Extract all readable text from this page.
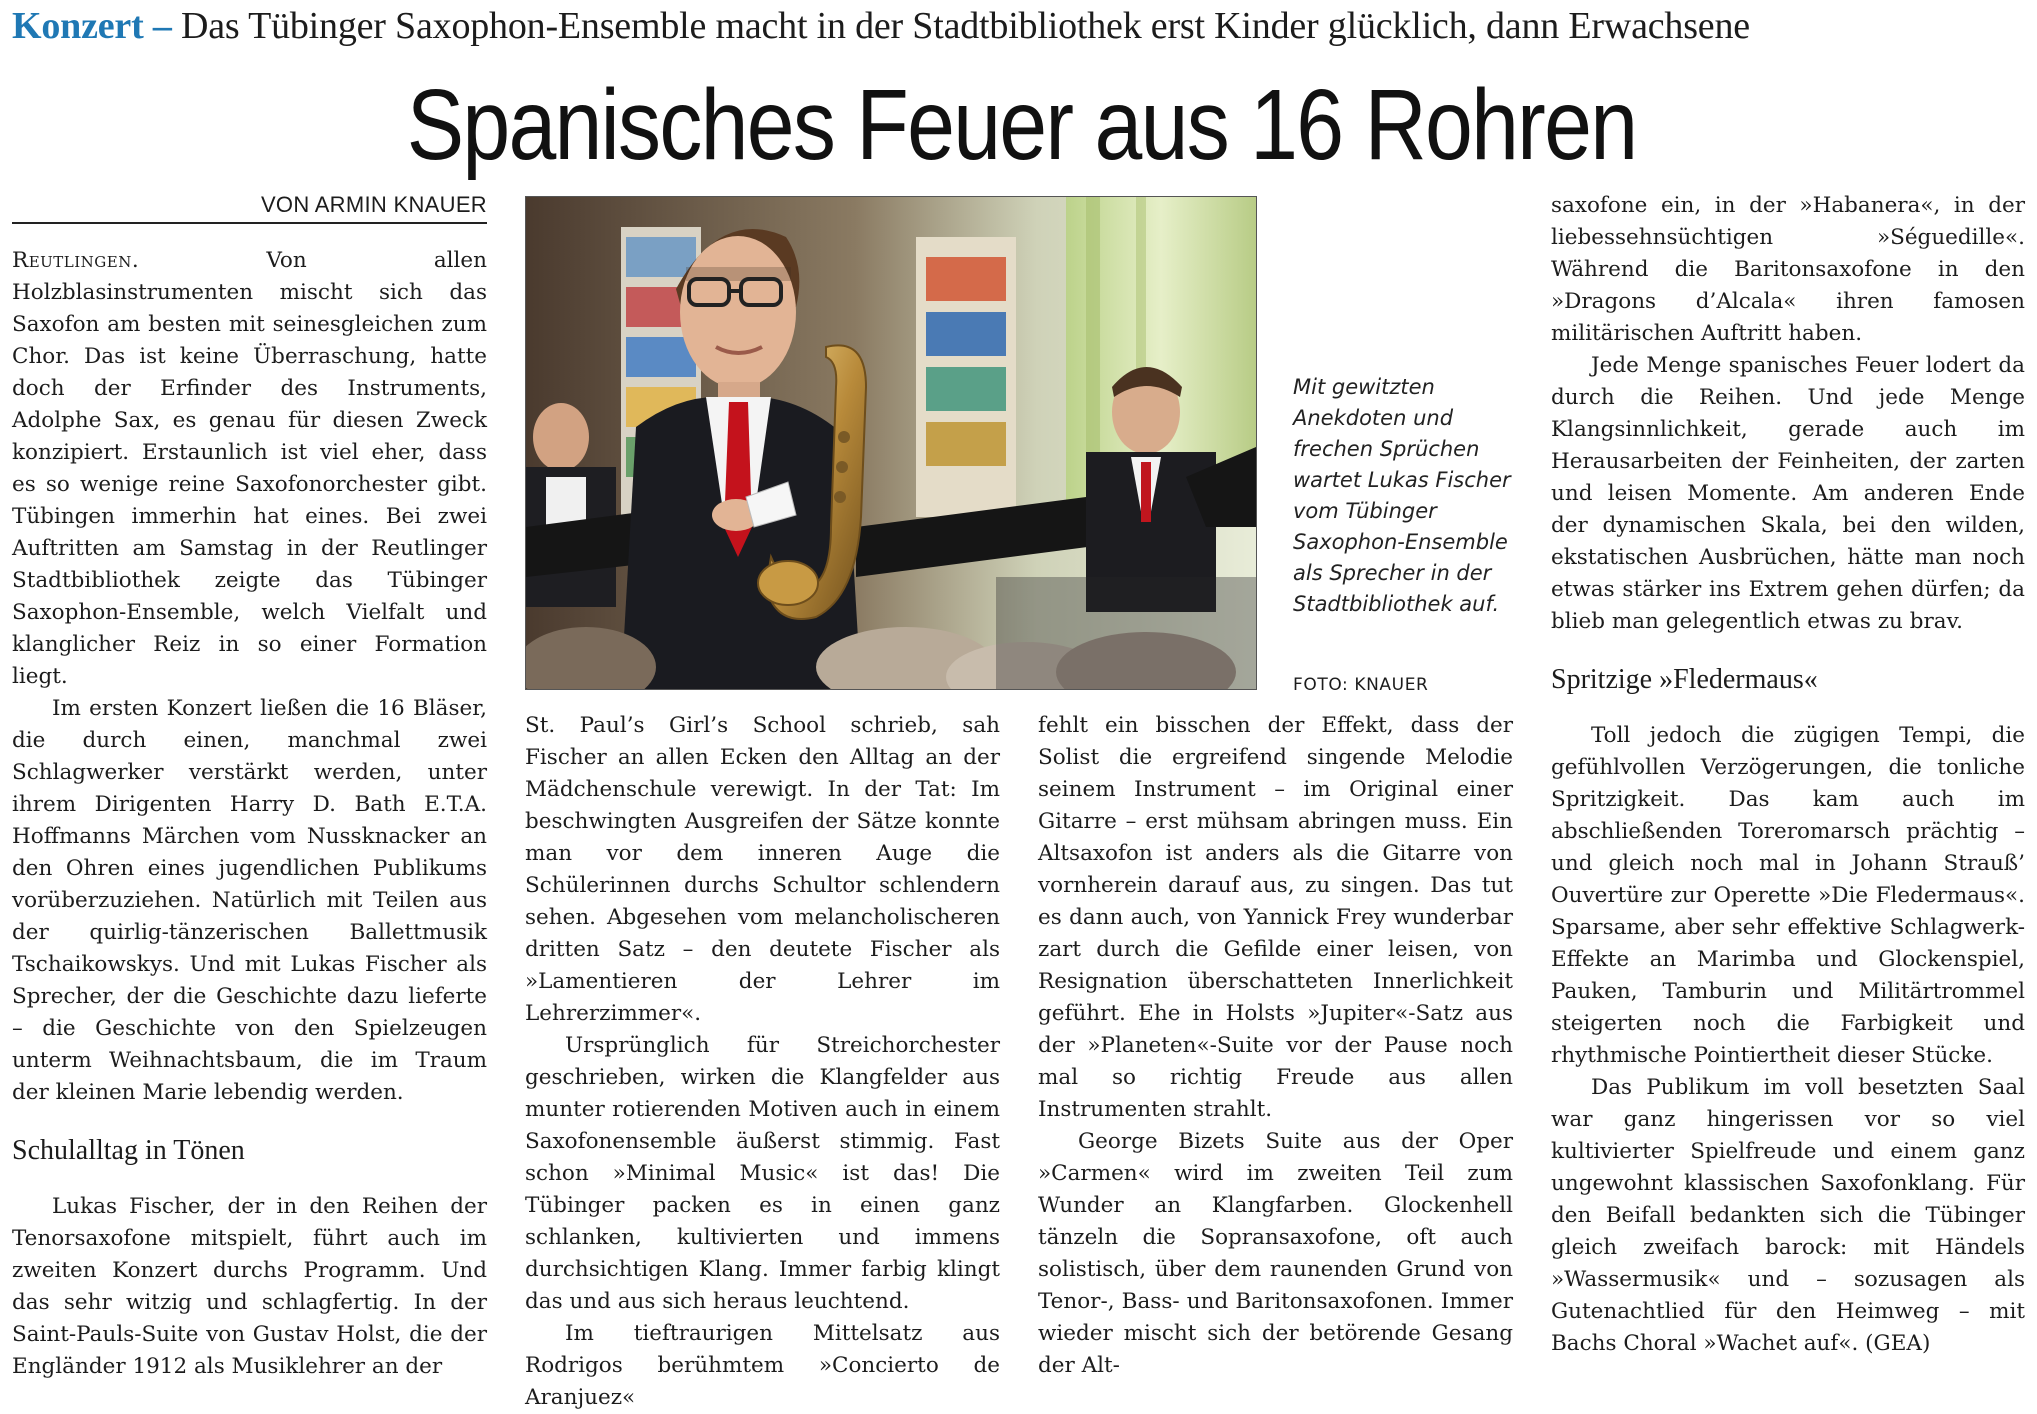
Konzert – Das Tübinger Saxophon-Ensemble macht in der Stadtbibliothek erst Kinder glücklich, dann Erwachsene
Spanisches Feuer aus 16 Rohren
VON ARMIN KNAUER

Reutlingen. Von allen Holzblasinstrumenten mischt sich das Saxofon am besten mit seinesgleichen zum Chor. Das ist keine Überraschung, hatte doch der Erfinder des Instruments, Adolphe Sax, es genau für diesen Zweck konzipiert. Erstaunlich ist viel eher, dass es so wenige reine Saxofonorchester gibt. Tübingen immerhin hat eines. Bei zwei Auftritten am Samstag in der Reutlinger Stadtbibliothek zeigte das Tübinger Saxophon-Ensemble, welch Vielfalt und klanglicher Reiz in so einer Formation liegt.

Im ersten Konzert ließen die 16 Bläser, die durch einen, manchmal zwei Schlagwerker verstärkt werden, unter ihrem Dirigenten Harry D. Bath E.T.A. Hoffmanns Märchen vom Nussknacker an den Ohren eines jugendlichen Publikums vorüberzuziehen. Natürlich mit Teilen aus der quirlig-tänzerischen Ballettmusik Tschaikowskys. Und mit Lukas Fischer als Sprecher, der die Geschichte dazu lieferte – die Geschichte von den Spielzeugen unterm Weihnachtsbaum, die im Traum der kleinen Marie lebendig werden.

Schulalltag in Tönen

Lukas Fischer, der in den Reihen der Tenorsaxofone mitspielt, führt auch im zweiten Konzert durchs Programm. Und das sehr witzig und schlagfertig. In der Saint-Pauls-Suite von Gustav Holst, die der Engländer 1912 als Musiklehrer an der

Mit gewitzten Anekdoten und frechen Sprüchen wartet Lukas Fischer vom Tübinger Saxophon-Ensemble als Sprecher in der Stadtbibliothek auf.
FOTO: KNAUER

St. Paul’s Girl’s School schrieb, sah Fischer an allen Ecken den Alltag an der Mädchenschule verewigt. In der Tat: Im beschwingten Ausgreifen der Sätze konnte man vor dem inneren Auge die Schülerinnen durchs Schultor schlendern sehen. Abgesehen vom melancholischeren dritten Satz – den deutete Fischer als »Lamentieren der Lehrer im Lehrerzimmer«.

Ursprünglich für Streichorchester geschrieben, wirken die Klangfelder aus munter rotierenden Motiven auch in einem Saxofonensemble äußerst stimmig. Fast schon »Minimal Music« ist das! Die Tübinger packen es in einen ganz schlanken, kultivierten und immens durchsichtigen Klang. Immer farbig klingt das und aus sich heraus leuchtend.

Im tieftraurigen Mittelsatz aus Rodrigos berühmtem »Concierto de Aranjuez«

fehlt ein bisschen der Effekt, dass der Solist die ergreifend singende Melodie seinem Instrument – im Original einer Gitarre – erst mühsam abringen muss. Ein Altsaxofon ist anders als die Gitarre von vornherein darauf aus, zu singen. Das tut es dann auch, von Yannick Frey wunderbar zart durch die Gefilde einer leisen, von Resignation überschatteten Innerlichkeit geführt. Ehe in Holsts »Jupiter«-Satz aus der »Planeten«-Suite vor der Pause noch mal so richtig Freude aus allen Instrumenten strahlt.

George Bizets Suite aus der Oper »Carmen« wird im zweiten Teil zum Wunder an Klangfarben. Glockenhell tänzeln die Sopransaxofone, oft auch solistisch, über dem raunenden Grund von Tenor-, Bass- und Baritonsaxofonen. Immer wieder mischt sich der betörende Gesang der Alt-

saxofone ein, in der »Habanera«, in der liebessehnsüchtigen »Séguedille«. Während die Baritonsaxofone in den »Dragons d’Alcala« ihren famosen militärischen Auftritt haben.

Jede Menge spanisches Feuer lodert da durch die Reihen. Und jede Menge Klangsinnlichkeit, gerade auch im Herausarbeiten der Feinheiten, der zarten und leisen Momente. Am anderen Ende der dynamischen Skala, bei den wilden, ekstatischen Ausbrüchen, hätte man noch etwas stärker ins Extrem gehen dürfen; da blieb man gelegentlich etwas zu brav.

Spritzige »Fledermaus«

Toll jedoch die zügigen Tempi, die gefühlvollen Verzögerungen, die tonliche Spritzigkeit. Das kam auch im abschließenden Toreromarsch prächtig – und gleich noch mal in Johann Strauß’ Ouvertüre zur Operette »Die Fledermaus«. Sparsame, aber sehr effektive Schlagwerk-Effekte an Marimba und Glockenspiel, Pauken, Tamburin und Militärtrommel steigerten noch die Farbigkeit und rhythmische Pointiertheit dieser Stücke.

Das Publikum im voll besetzten Saal war ganz hingerissen vor so viel kultivierter Spielfreude und einem ganz ungewohnt klassischen Saxofonklang. Für den Beifall bedankten sich die Tübinger gleich zweifach barock: mit Händels »Wassermusik« und – sozusagen als Gutenachtlied für den Heimweg – mit Bachs Choral »Wachet auf«. (GEA)
